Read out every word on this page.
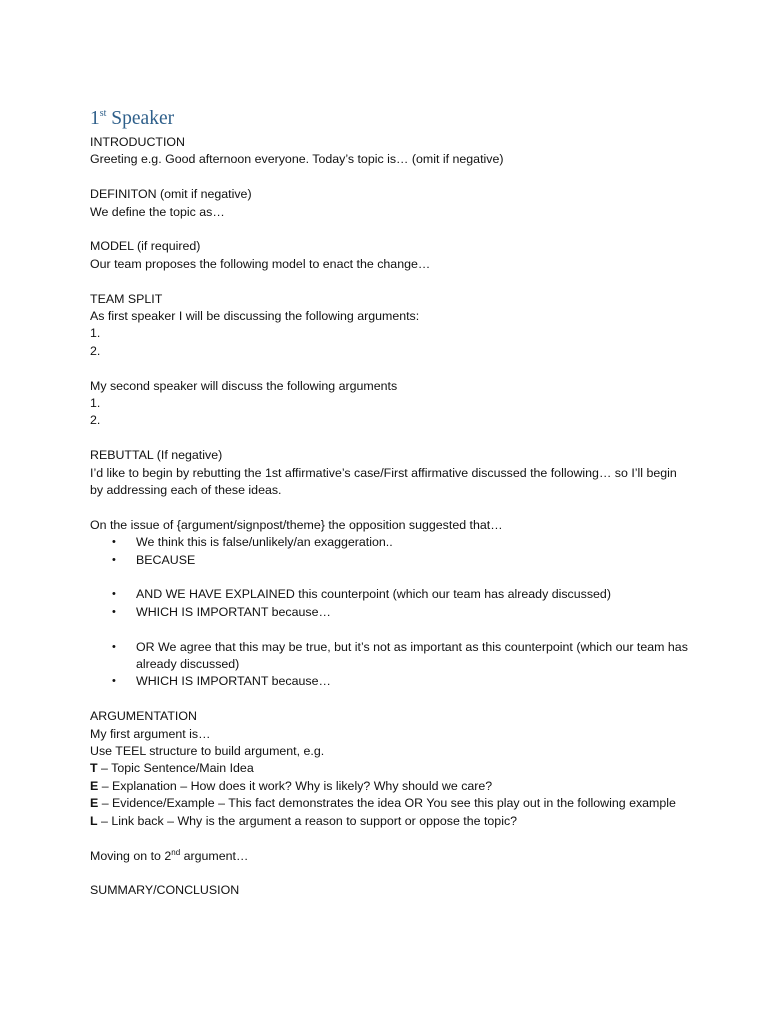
1st Speaker

INTRODUCTION

Greeting e.g. Good afternoon everyone. Today’s topic is… (omit if negative)

DEFINITON (omit if negative)

We define the topic as…

MODEL (if required)

Our team proposes the following model to enact the change…

TEAM SPLIT

As first speaker I will be discussing the following arguments:

1.

2.

My second speaker will discuss the following arguments

1.

2.

REBUTTAL (If negative)

I’d like to begin by rebutting the 1st affirmative’s case/First affirmative discussed the following… so I’ll begin by addressing each of these ideas.

On the issue of {argument/signpost/theme} the opposition suggested that…

• We think this is false/unlikely/an exaggeration..
• BECAUSE
• AND WE HAVE EXPLAINED this counterpoint (which our team has already discussed)
• WHICH IS IMPORTANT because…
• OR We agree that this may be true, but it’s not as important as this counterpoint (which our team has already discussed)
• WHICH IS IMPORTANT because…

ARGUMENTATION

My first argument is…

Use TEEL structure to build argument, e.g.

T – Topic Sentence/Main Idea

E – Explanation – How does it work? Why is likely? Why should we care?

E – Evidence/Example – This fact demonstrates the idea OR You see this play out in the following example

L – Link back – Why is the argument a reason to support or oppose the topic?

Moving on to 2nd argument…

SUMMARY/CONCLUSION
